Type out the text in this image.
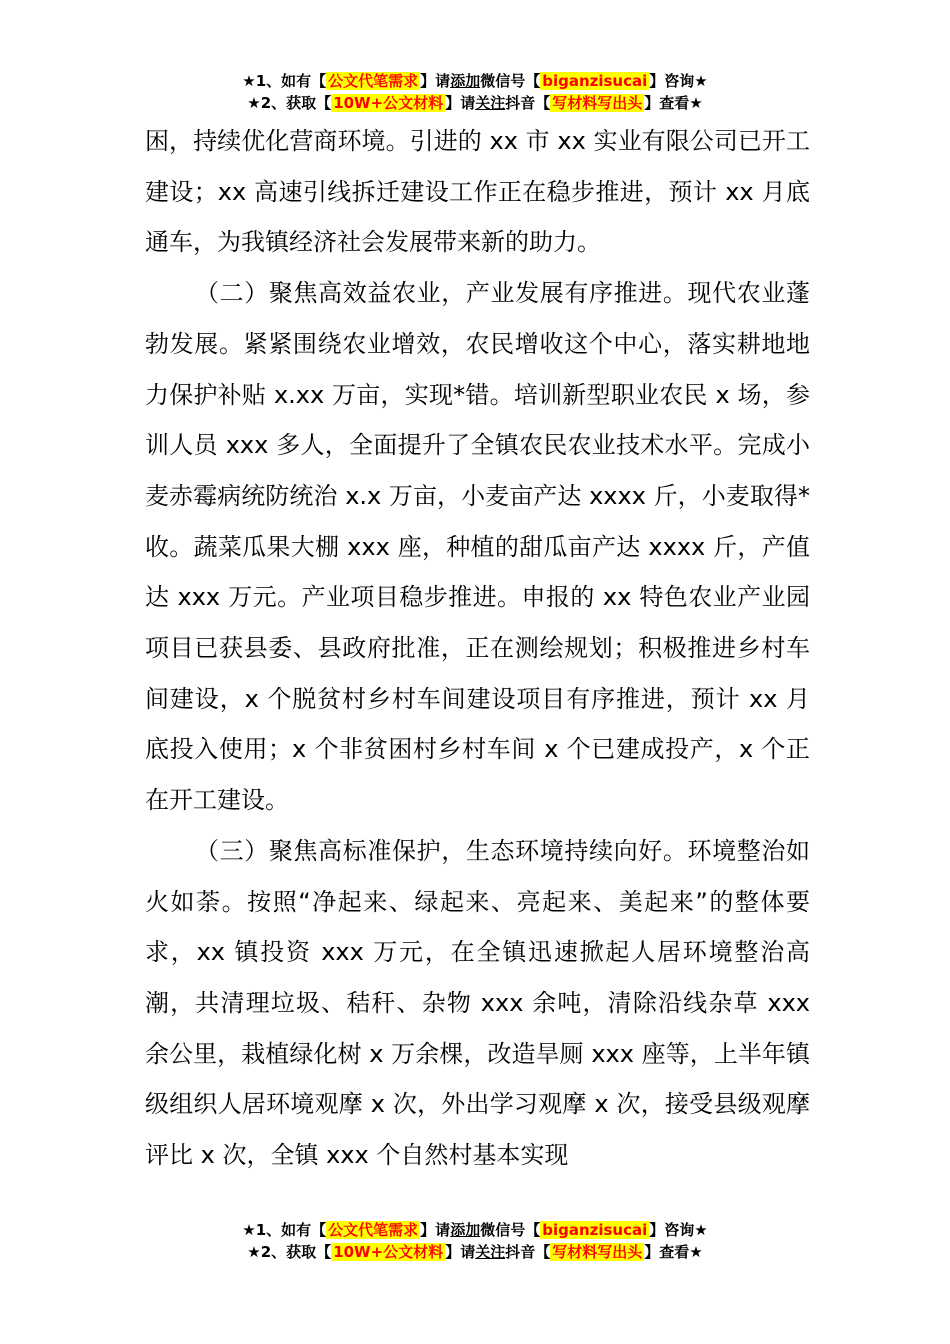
★1、如有【 公文代笔需求 】请添加微信号【 biganzisucai 】咨询★
★2、获取【 10W+公文材料 】请关注抖音【 写材料写出头 】查看★

困，持续优化营商环境。引进的 xx 市 xx 实业有限公司已开工建设；xx 高速引线拆迁建设工作正在稳步推进，预计 xx 月底通车，为我镇经济社会发展带来新的助力。

（二）聚焦高效益农业，产业发展有序推进。现代农业蓬勃发展。紧紧围绕农业增效，农民增收这个中心，落实耕地地力保护补贴 x.xx 万亩，实现*错。培训新型职业农民 x 场，参训人员 xxx 多人，全面提升了全镇农民农业技术水平。完成小麦赤霉病统防统治 x.x 万亩，小麦亩产达 xxxx 斤，小麦取得*收。蔬菜瓜果大棚 xxx 座，种植的甜瓜亩产达 xxxx 斤，产值达 xxx 万元。产业项目稳步推进。申报的 xx 特色农业产业园项目已获县委、县政府批准，正在测绘规划；积极推进乡村车间建设，x 个脱贫村乡村车间建设项目有序推进，预计 xx 月底投入使用；x 个非贫困村乡村车间 x 个已建成投产，x 个正在开工建设。

（三）聚焦高标准保护，生态环境持续向好。环境整治如火如荼。按照“净起来、绿起来、亮起来、美起来”的整体要求，xx 镇投资 xxx 万元，在全镇迅速掀起人居环境整治高潮，共清理垃圾、秸秆、杂物 xxx 余吨，清除沿线杂草 xxx 余公里，栽植绿化树 x 万余棵，改造旱厕 xxx 座等，上半年镇级组织人居环境观摩 x 次，外出学习观摩 x 次，接受县级观摩评比 x 次，全镇 xxx 个自然村基本实现

★1、如有【 公文代笔需求 】请添加微信号【 biganzisucai 】咨询★
★2、获取【 10W+公文材料 】请关注抖音【 写材料写出头 】查看★
